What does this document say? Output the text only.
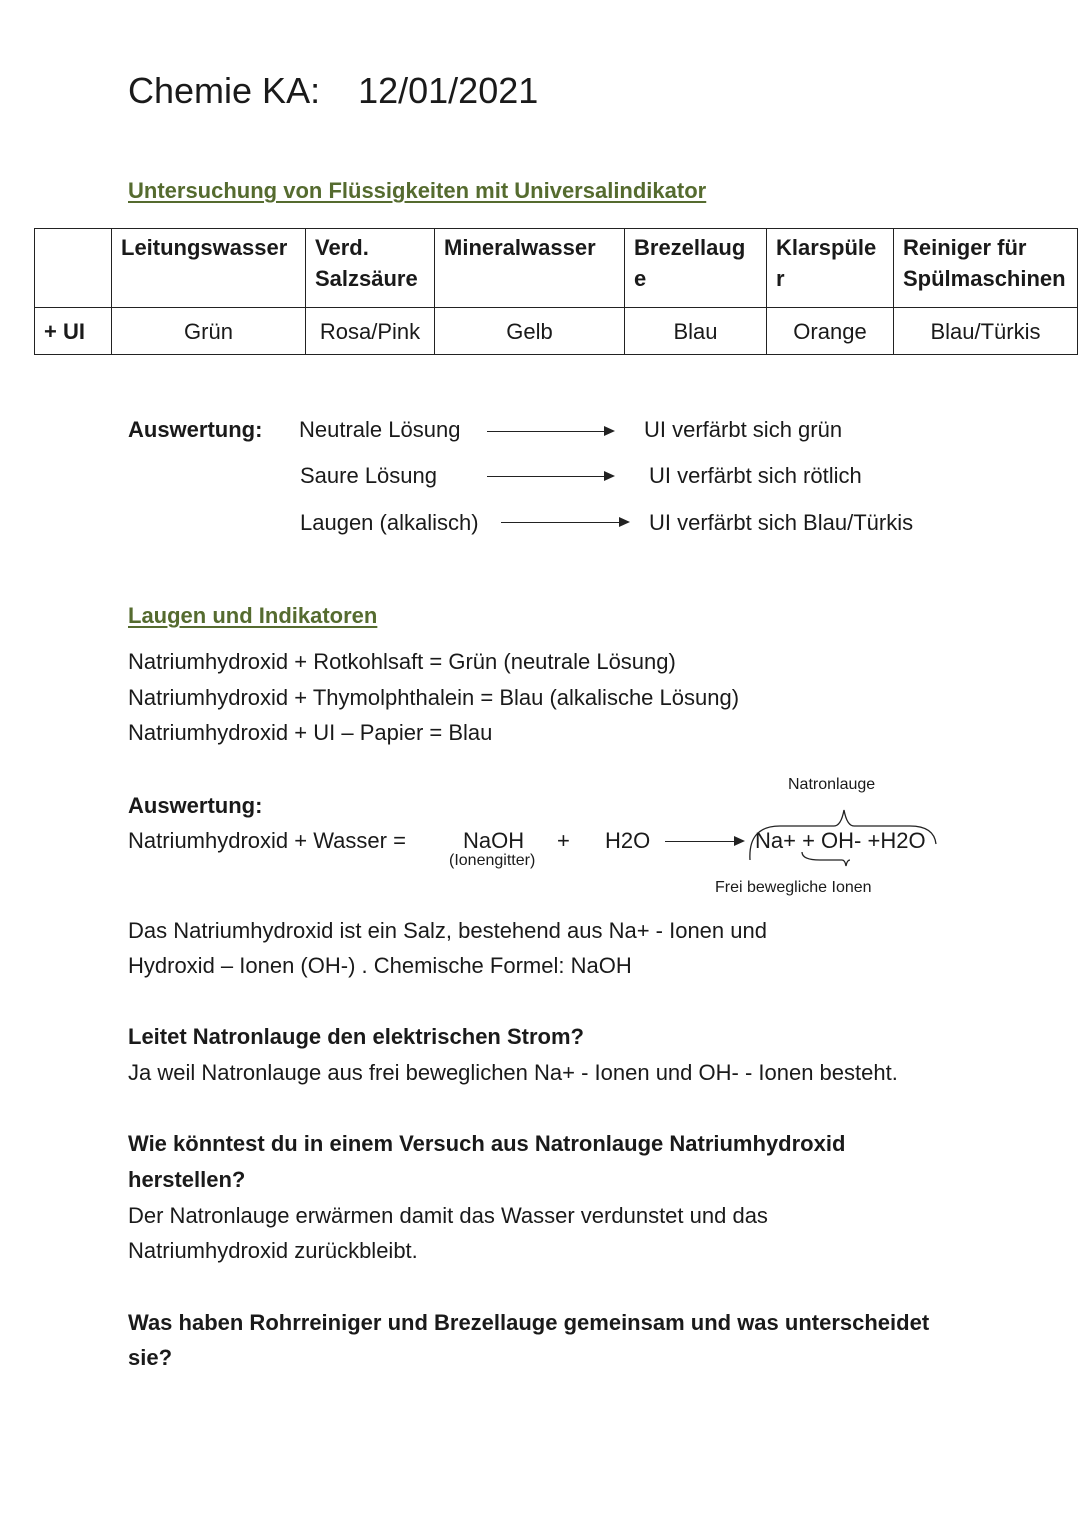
Chemie KA: 12/01/2021
Untersuchung von Flüssigkeiten mit Universalindikator
	Leitungswasser	Verd. Salzsäure	Mineralwasser	Brezellaug e	Klarspüle r	Reiniger für Spülmaschinen
+ UI	Grün	Rosa/Pink	Gelb	Blau	Orange	Blau/Türkis
Auswertung: Neutrale Lösung	UI verfärbt sich grün
Saure Lösung	UI verfärbt sich rötlich
Laugen (alkalisch)	UI verfärbt sich Blau/Türkis
Laugen und Indikatoren
Natriumhydroxid + Rotkohlsaft = Grün (neutrale Lösung)
Natriumhydroxid + Thymolphthalein = Blau (alkalische Lösung)
Natriumhydroxid + UI – Papier = Blau
Auswertung:
Natriumhydroxid + Wasser =	NaOH
(Ionengitter)
+ H2O
Natronlauge
Na+ + OH- +H2O
Frei bewegliche Ionen
Das Natriumhydroxid ist ein Salz, bestehend aus Na+ - Ionen und
Hydroxid – Ionen (OH-) . Chemische Formel: NaOH
Leitet Natronlauge den elektrischen Strom?
Ja weil Natronlauge aus frei beweglichen Na+ - Ionen und OH- - Ionen besteht.
Wie könntest du in einem Versuch aus Natronlauge Natriumhydroxid
herstellen?
Der Natronlauge erwärmen damit das Wasser verdunstet und das
Natriumhydroxid zurückbleibt.
Was haben Rohrreiniger und Brezellauge gemeinsam und was unterscheidet
sie?
